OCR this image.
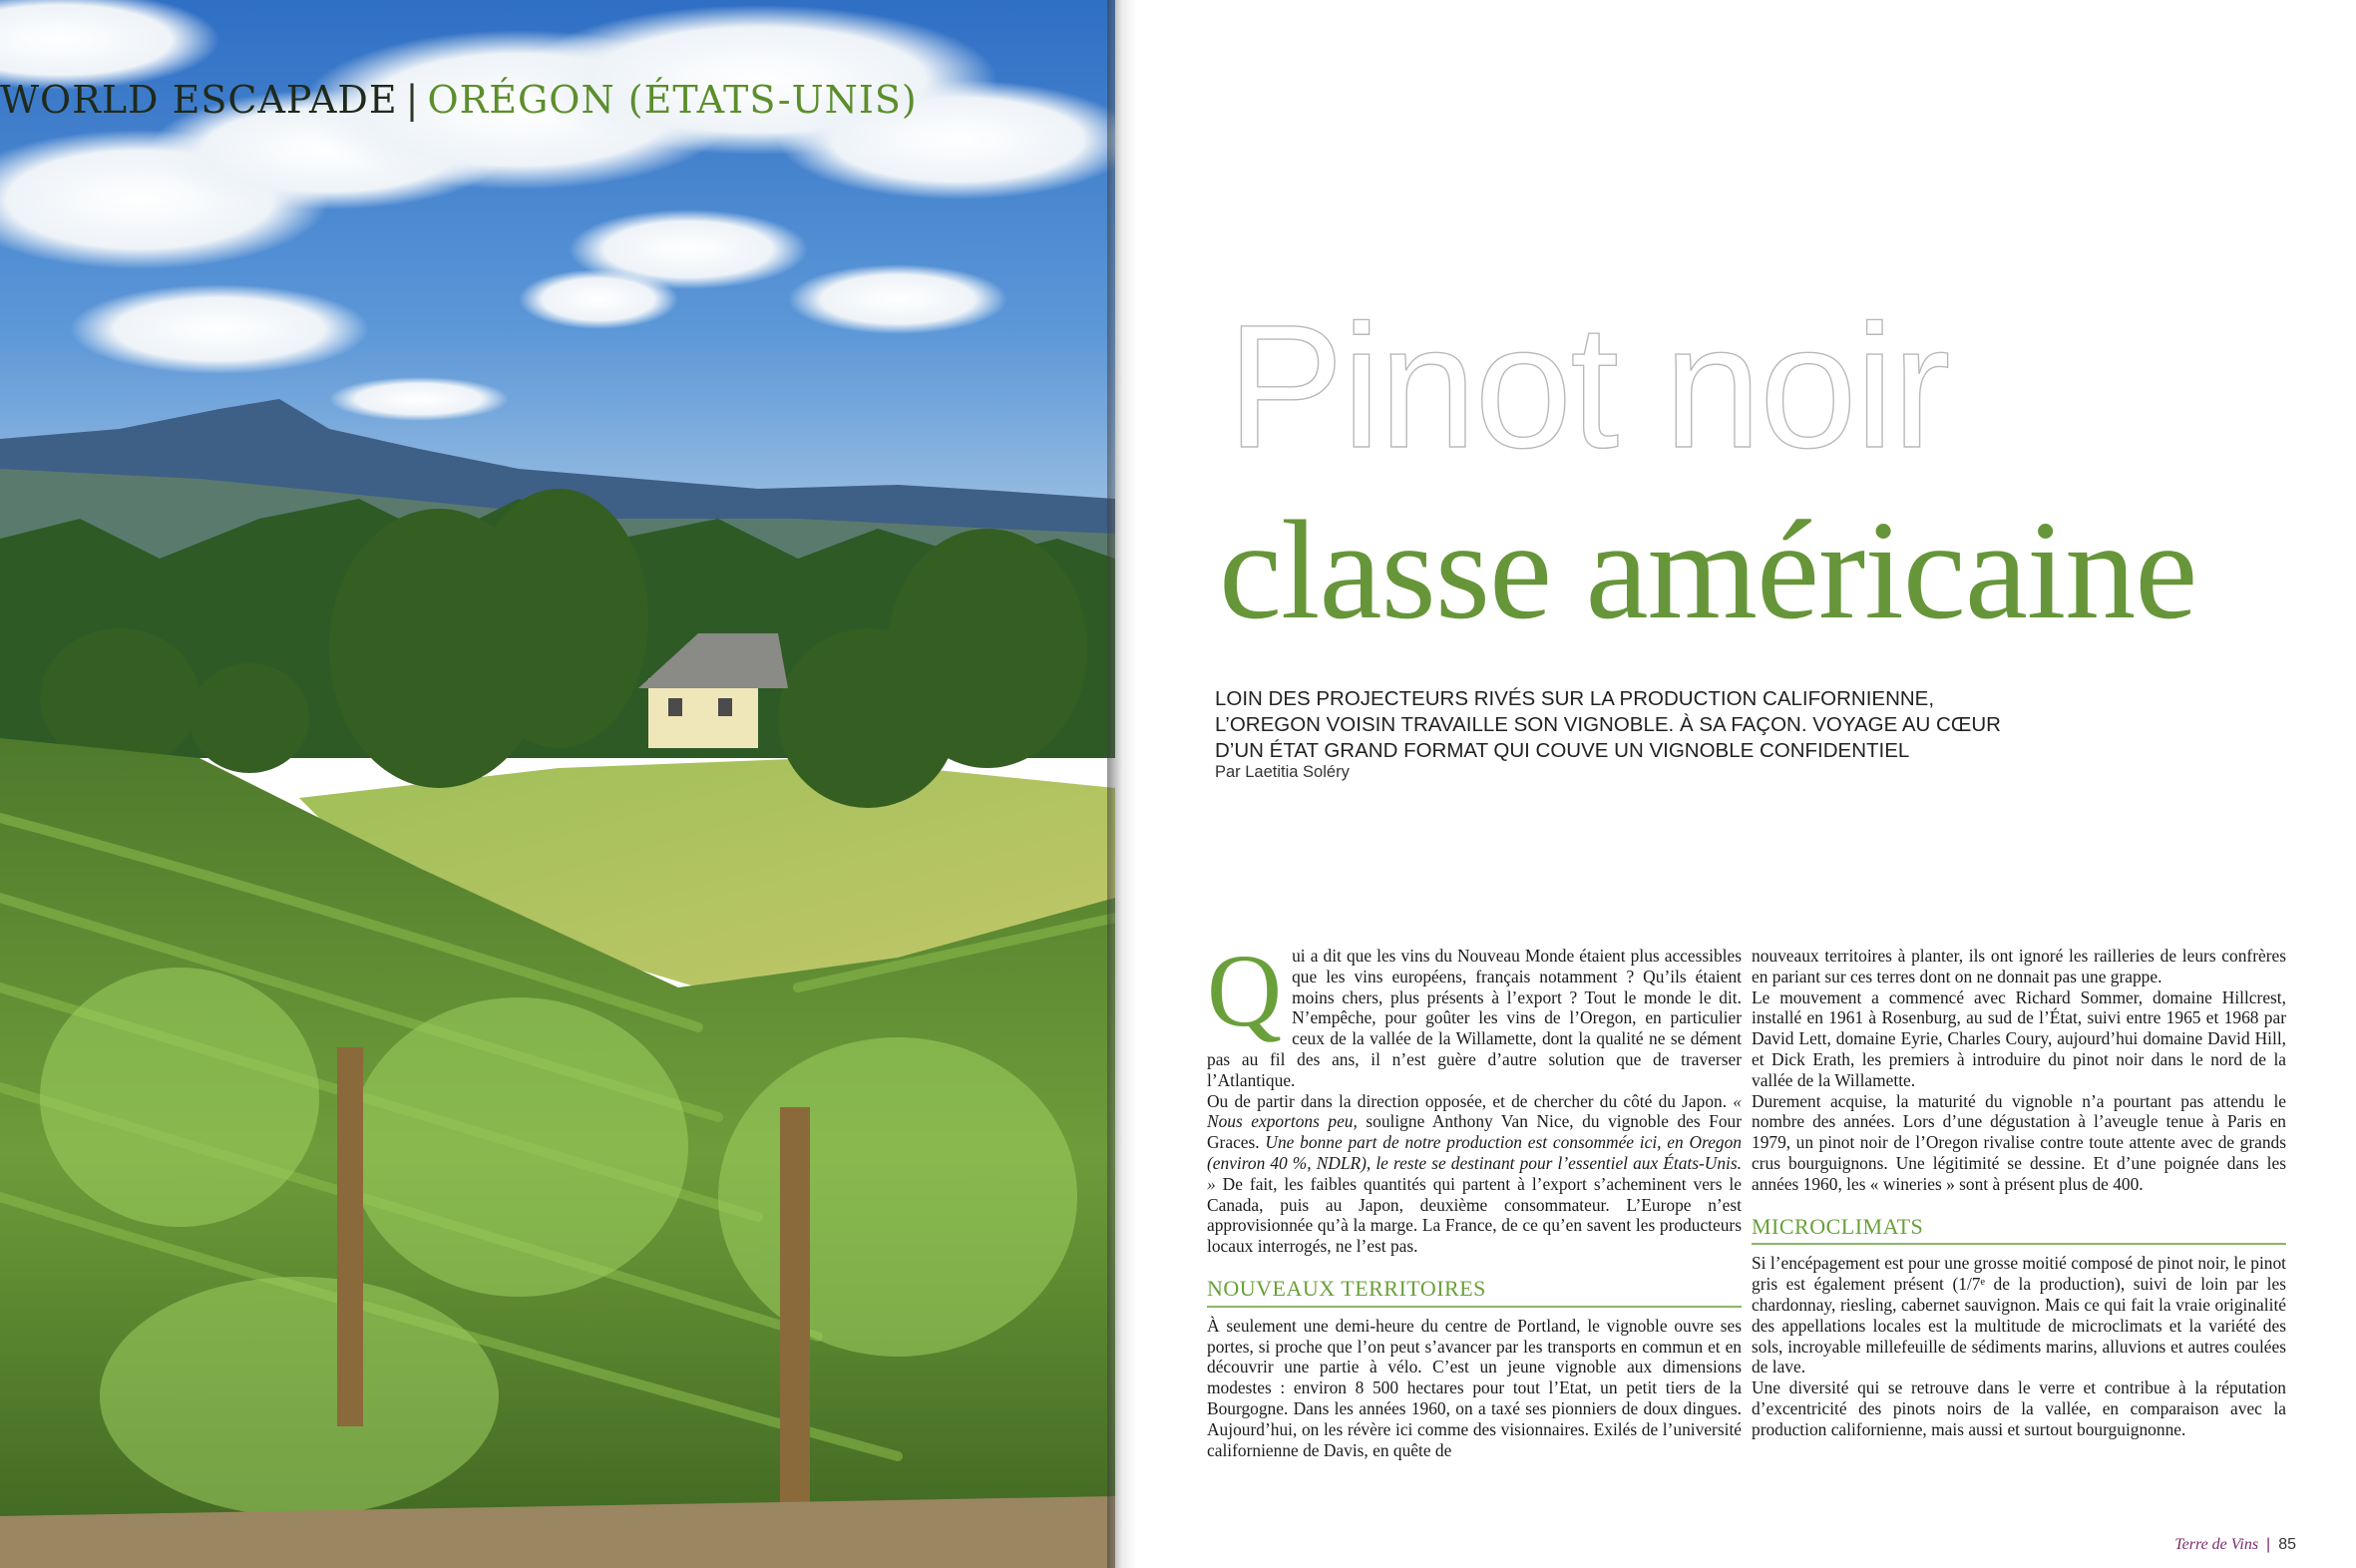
WORLD ESCAPADE | ORÉGON (ÉTATS-UNIS)
Pinot noir
classe américaine
LOIN DES PROJECTEURS RIVÉS SUR LA PRODUCTION CALIFORNIENNE, L’OREGON VOISIN TRAVAILLE SON VIGNOBLE. À SA FAÇON. VOYAGE AU CŒUR D’UN ÉTAT GRAND FORMAT QUI COUVE UN VIGNOBLE CONFIDENTIEL
Par Laetitia Soléry

Qui a dit que les vins du Nouveau Monde étaient plus accessibles que les vins européens, français notamment ? Qu’ils étaient moins chers, plus présents à l’export ? Tout le monde le dit. N’empêche, pour goûter les vins de l’Oregon, en particulier ceux de la vallée de la Willamette, dont la qualité ne se dément pas au fil des ans, il n’est guère d’autre solution que de traverser l’Atlantique.

Ou de partir dans la direction opposée, et de chercher du côté du Japon. « Nous exportons peu, souligne Anthony Van Nice, du vignoble des Four Graces. Une bonne part de notre production est consommée ici, en Oregon (environ 40 %, NDLR), le reste se destinant pour l’essentiel aux États-Unis. » De fait, les faibles quantités qui partent à l’export s’acheminent vers le Canada, puis au Japon, deuxième consommateur. L’Europe n’est approvisionnée qu’à la marge. La France, de ce qu’en savent les producteurs locaux interrogés, ne l’est pas.

NOUVEAUX TERRITOIRES

À seulement une demi-heure du centre de Portland, le vignoble ouvre ses portes, si proche que l’on peut s’avancer par les transports en commun et en découvrir une partie à vélo. C’est un jeune vignoble aux dimensions modestes : environ 8 500 hectares pour tout l’Etat, un petit tiers de la Bourgogne. Dans les années 1960, on a taxé ses pionniers de doux dingues. Aujourd’hui, on les révère ici comme des visionnaires. Exilés de l’université californienne de Davis, en quête de

nouveaux territoires à planter, ils ont ignoré les railleries de leurs confrères en pariant sur ces terres dont on ne donnait pas une grappe.

Le mouvement a commencé avec Richard Sommer, domaine Hillcrest, installé en 1961 à Rosenburg, au sud de l’État, suivi entre 1965 et 1968 par David Lett, domaine Eyrie, Charles Coury, aujourd’hui domaine David Hill, et Dick Erath, les premiers à introduire du pinot noir dans le nord de la vallée de la Willamette.

Durement acquise, la maturité du vignoble n’a pourtant pas attendu le nombre des années. Lors d’une dégustation à l’aveugle tenue à Paris en 1979, un pinot noir de l’Oregon rivalise contre toute attente avec de grands crus bourguignons. Une légitimité se dessine. Et d’une poignée dans les années 1960, les « wineries » sont à présent plus de 400.

MICROCLIMATS

Si l’encépagement est pour une grosse moitié composé de pinot noir, le pinot gris est également présent (1/7ᵉ de la production), suivi de loin par les chardonnay, riesling, cabernet sauvignon. Mais ce qui fait la vraie originalité des appellations locales est la multitude de microclimats et la variété des sols, incroyable millefeuille de sédiments marins, alluvions et autres coulées de lave.

Une diversité qui se retrouve dans le verre et contribue à la réputation d’excentricité des pinots noirs de la vallée, en comparaison avec la production californienne, mais aussi et surtout bourguignonne.

Terre de Vins | 85
